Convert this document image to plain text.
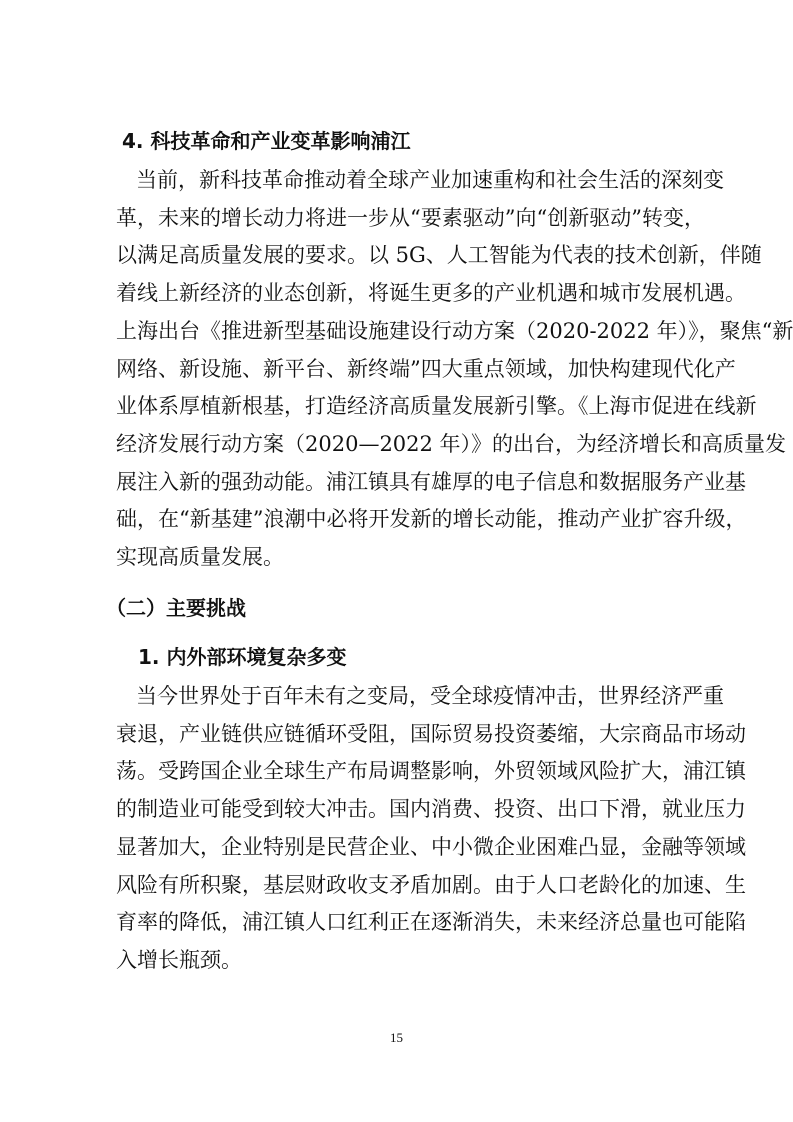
4. 科技革命和产业变革影响浦江
当前，新科技革命推动着全球产业加速重构和社会生活的深刻变
革，未来的增长动力将进一步从“要素驱动”向“创新驱动”转变，
以满足高质量发展的要求。以 5G、人工智能为代表的技术创新，伴随
着线上新经济的业态创新，将诞生更多的产业机遇和城市发展机遇。
上海出台《推进新型基础设施建设行动方案（2020-2022 年）》，聚焦“新
网络、新设施、新平台、新终端”四大重点领域，加快构建现代化产
业体系厚植新根基，打造经济高质量发展新引擎。《上海市促进在线新
经济发展行动方案（2020—2022 年）》的出台，为经济增长和高质量发
展注入新的强劲动能。浦江镇具有雄厚的电子信息和数据服务产业基
础，在“新基建”浪潮中必将开发新的增长动能，推动产业扩容升级，
实现高质量发展。
（二）主要挑战
1. 内外部环境复杂多变
当今世界处于百年未有之变局，受全球疫情冲击，世界经济严重
衰退，产业链供应链循环受阻，国际贸易投资萎缩，大宗商品市场动
荡。受跨国企业全球生产布局调整影响，外贸领域风险扩大，浦江镇
的制造业可能受到较大冲击。国内消费、投资、出口下滑，就业压力
显著加大，企业特别是民营企业、中小微企业困难凸显，金融等领域
风险有所积聚，基层财政收支矛盾加剧。由于人口老龄化的加速、生
育率的降低，浦江镇人口红利正在逐渐消失，未来经济总量也可能陷
入增长瓶颈。
15
